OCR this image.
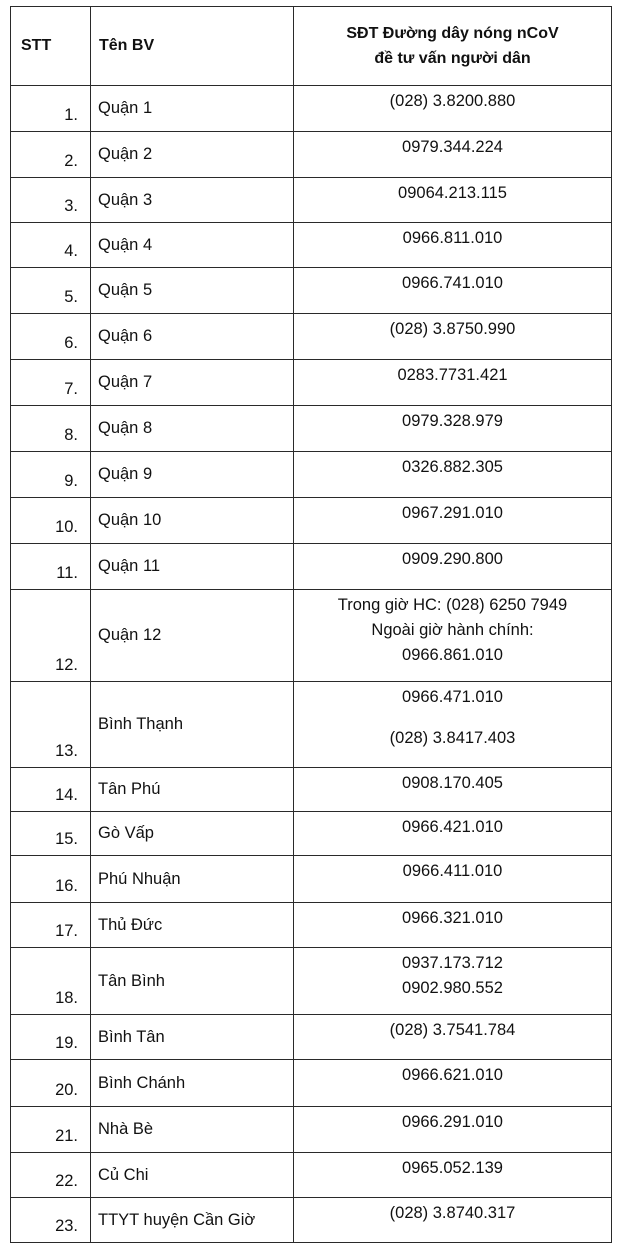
STT	Tên BV	SĐT Đường dây nóng nCoV
đề tư vấn người dân

1.	Quận 1	(028) 3.8200.880

2.	Quận 2	0979.344.224

3.	Quận 3	09064.213.115

4.	Quận 4	0966.811.010

5.	Quận 5	0966.741.010

6.	Quận 6	(028) 3.8750.990

7.	Quận 7	0283.7731.421

8.	Quận 8	0979.328.979

9.	Quận 9	0326.882.305

10.	Quận 10	0967.291.010

11.	Quận 11	0909.290.800

12.	Quận 12	Trong giờ HC: (028) 6250 7949
Ngoài giờ hành chính:
0966.861.010

13.	Bình Thạnh	0966.471.010
(028) 3.8417.403

14.	Tân Phú	0908.170.405

15.	Gò Vấp	0966.421.010

16.	Phú Nhuận	0966.411.010

17.	Thủ Đức	0966.321.010

18.	Tân Bình	0937.173.712
0902.980.552

19.	Bình Tân	(028) 3.7541.784

20.	Bình Chánh	0966.621.010

21.	Nhà Bè	0966.291.010

22.	Củ Chi	0965.052.139

23.	TTYT huyện Cần Giờ	(028) 3.8740.317
